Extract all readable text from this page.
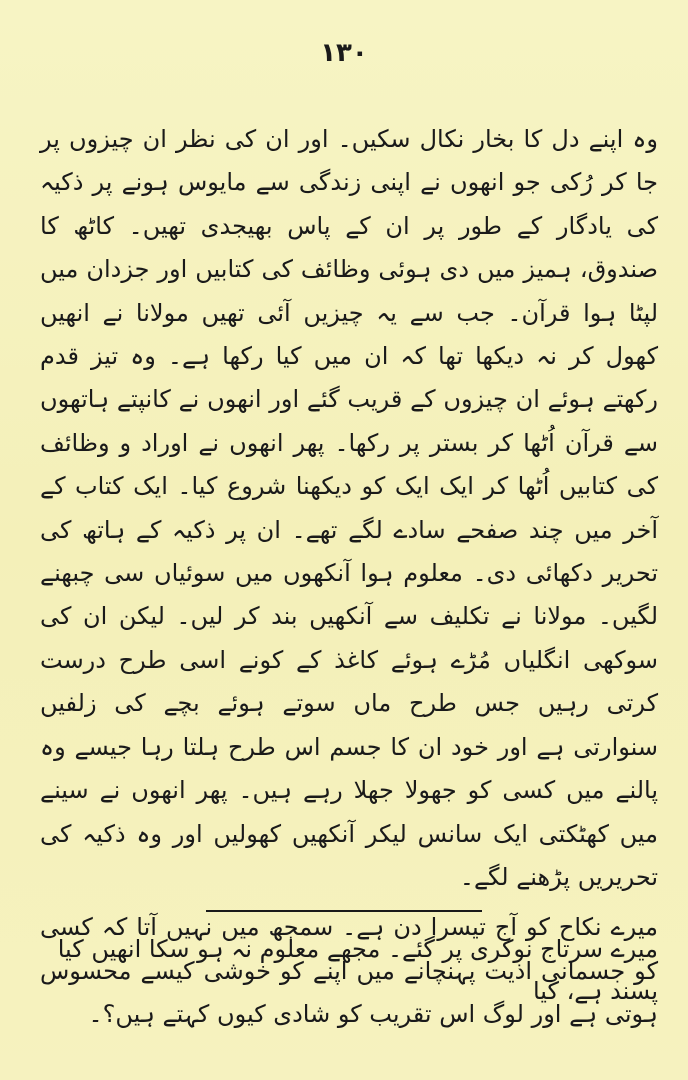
۱۳۰

وہ اپنے دل کا بخار نکال سکیں۔ اور ان کی نظر ان چیزوں پر جا کر رُکی جو انھوں نے اپنی زندگی سے مایوس ہونے پر ذکیہ کی یادگار کے طور پر ان کے پاس بھیجدی تھیں۔ کاٹھ کا صندوق، ہمیز میں دی ہوئی وظائف کی کتابیں اور جزدان میں لپٹا ہوا قرآن۔ جب سے یہ چیزیں آئی تھیں مولانا نے انھیں کھول کر نہ دیکھا تھا کہ ان میں کیا رکھا ہے۔ وہ تیز قدم رکھتے ہوئے ان چیزوں کے قریب گئے اور انھوں نے کانپتے ہاتھوں سے قرآن اُٹھا کر بستر پر رکھا۔ پھر انھوں نے اوراد و وظائف کی کتابیں اُٹھا کر ایک ایک کو دیکھنا شروع کیا۔ ایک کتاب کے آخر میں چند صفحے سادے لگے تھے۔ ان پر ذکیہ کے ہاتھ کی تحریر دکھائی دی۔ معلوم ہوا آنکھوں میں سوئیاں سی چبھنے لگیں۔ مولانا نے تکلیف سے آنکھیں بند کر لیں۔ لیکن ان کی سوکھی انگلیاں مُڑے ہوئے کاغذ کے کونے اسی طرح درست کرتی رہیں جس طرح ماں سوتے ہوئے بچے کی زلفیں سنوارتی ہے اور خود ان کا جسم اس طرح ہلتا رہا جیسے وہ پالنے میں کسی کو جھولا جھلا رہے ہیں۔ پھر انھوں نے سینے میں کھٹکتی ایک سانس لیکر آنکھیں کھولیں اور وہ ذکیہ کی تحریریں پڑھنے لگے۔

میرے نکاح کو آج تیسرا دن ہے۔ سمجھ میں نہیں آتا کہ کسی کو جسمانی اذیت پہنچانے میں اپنے کو خوشی کیسے محسوس ہوتی ہے اور لوگ اس تقریب کو شادی کیوں کہتے ہیں؟۔

میرے سرتاج نوکری پر گئے۔ مجھے معلوم نہ ہو سکا انھیں کیا پسند ہے، کیا
